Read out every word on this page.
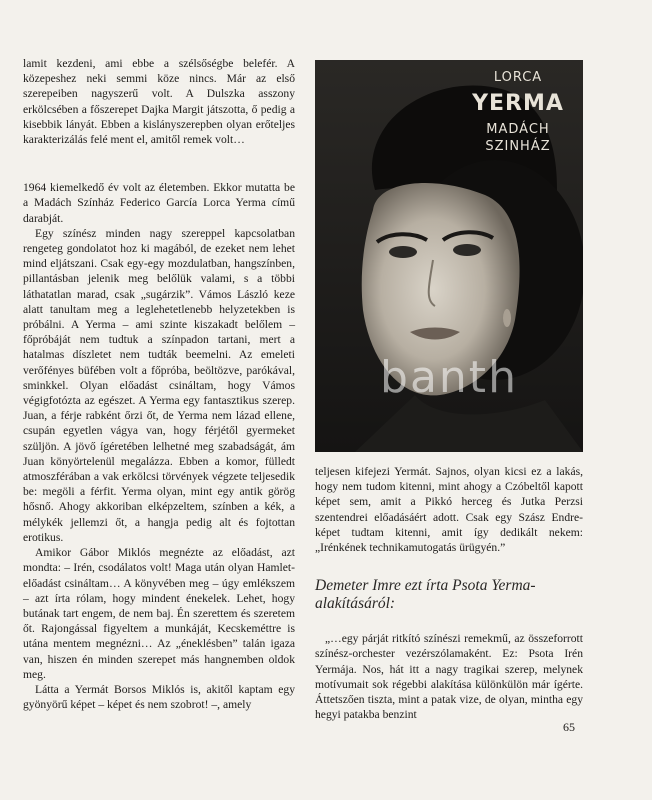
lamit kezdeni, ami ebbe a szélsőségbe belefér. A közepeshez neki semmi köze nincs. Már az első szerepeiben nagyszerű volt. A Dulszka asszony erkölcsében a főszerepet Dajka Margit játszotta, ő pedig a kisebbik lányát. Ebben a kislányszerepben olyan erőteljes karakterizálás felé ment el, amitől remek volt…

1964 kiemelkedő év volt az életemben. Ekkor mutatta be a Madách Színház Federico García Lorca Yerma című darabját.

Egy színész minden nagy szereppel kapcsolatban rengeteg gondolatot hoz ki magából, de ezeket nem lehet mind eljátszani. Csak egy-egy mozdulatban, hangszínben, pillantásban jelenik meg belőlük valami, s a többi láthatatlan marad, csak „sugárzik”. Vámos László keze alatt tanultam meg a leglehetetlenebb helyzetekben is próbálni. A Yerma – ami szinte kiszakadt belőlem – főpróbáját nem tudtuk a színpadon tartani, mert a hatalmas díszletet nem tudták beemelni. Az emeleti verőfényes büfében volt a főpróba, beöltözve, parókával, sminkkel. Olyan előadást csináltam, hogy Vámos végigfotózta az egészet. A Yerma egy fantasztikus szerep. Juan, a férje rabként őrzi őt, de Yerma nem lázad ellene, csupán egyetlen vágya van, hogy férjétől gyermeket szüljön. A jövő ígéretében lelhetné meg szabadságát, ám Juan könyörtelenül megalázza. Ebben a komor, fülledt atmoszférában a vak erkölcsi törvények végzete teljesedik be: megöli a férfit. Yerma olyan, mint egy antik görög hősnő. Ahogy akkoriban elképzeltem, színben a kék, a mélykék jellemzi őt, a hangja pedig alt és fojtottan erotikus.

Amikor Gábor Miklós megnézte az előadást, azt mondta: – Irén, csodálatos volt! Maga után olyan Hamlet-előadást csináltam… A könyvében meg – úgy emlékszem – azt írta rólam, hogy mindent énekelek. Lehet, hogy butának tart engem, de nem baj. Én szerettem és szeretem őt. Rajongással figyeltem a munkáját, Kecskeméttre is utána mentem megnézni… Az „éneklésben” talán igaza van, hiszen én minden szerepet más hangnemben oldok meg.

Látta a Yermát Borsos Miklós is, akitől kaptam egy gyönyörű képet – képet és nem szobrot! –, amely

LORCA
YERMA
MADÁCH
SZINHÁZ
banth

teljesen kifejezi Yermát. Sajnos, olyan kicsi ez a lakás, hogy nem tudom kitenni, mint ahogy a Czóbeltől kapott képet sem, amit a Pikkó herceg és Jutka Perzsi szentendrei előadásáért adott. Csak egy Szász Endre-képet tudtam kitenni, amit így dedikált nekem: „Irénkének technikamutogatás ürügyén.”

Demeter Imre ezt írta Psota Yerma-alakításáról:

„…egy párját ritkító színészi remekmű, az összeforrott színész-orchester vezérszólamaként. Ez: Psota Irén Yermája. Nos, hát itt a nagy tragikai szerep, melynek motívumait sok régebbi alakítása különkülön már ígérte. Áttetszően tiszta, mint a patak vize, de olyan, mintha egy hegyi patakba benzint

65
